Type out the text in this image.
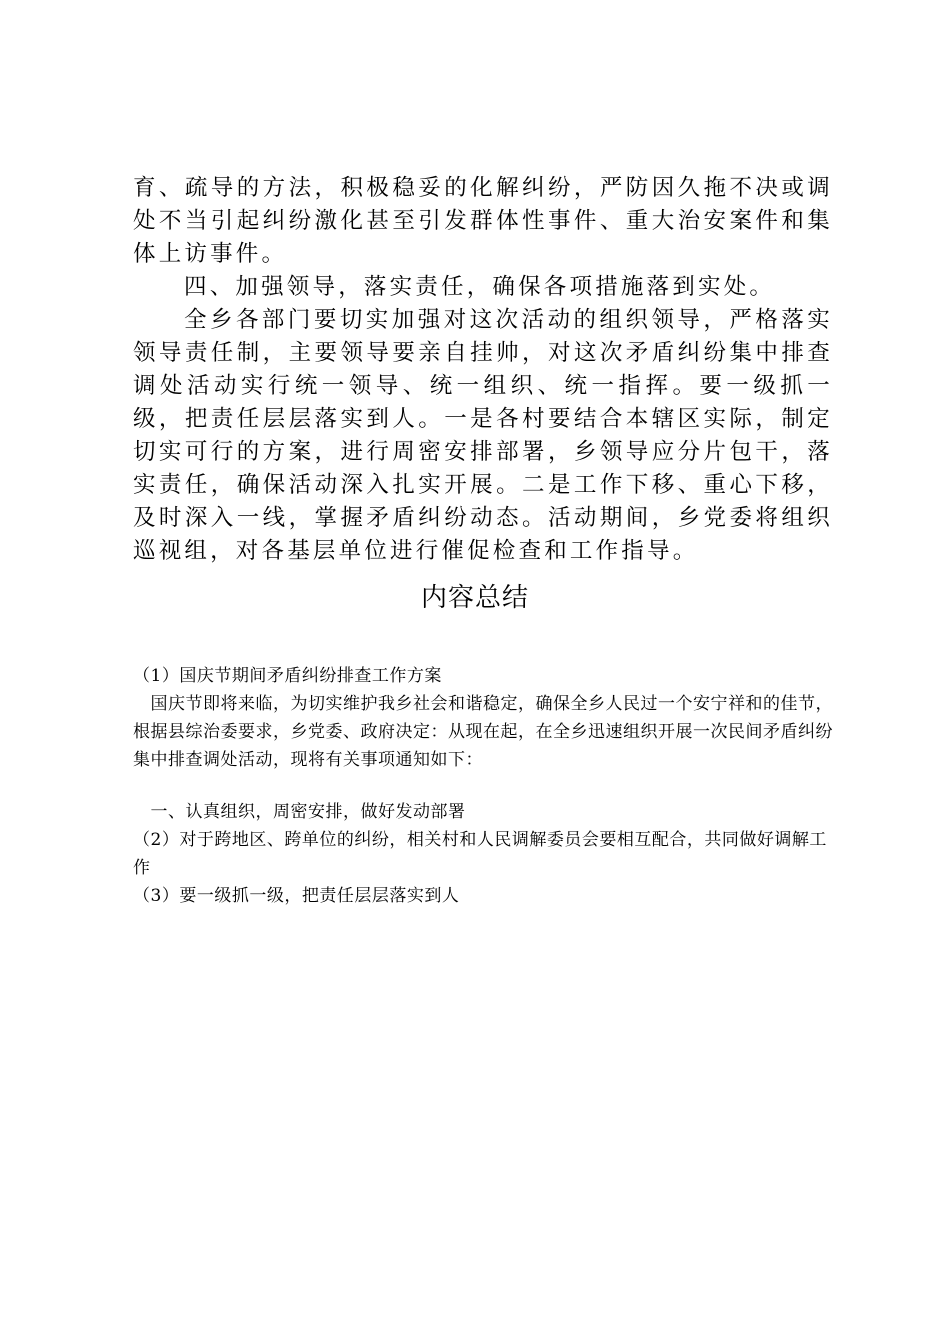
育、疏导的方法，积极稳妥的化解纠纷，严防因久拖不决或调处不当引起纠纷激化甚至引发群体性事件、重大治安案件和集体上访事件。

四、加强领导，落实责任，确保各项措施落到实处。

全乡各部门要切实加强对这次活动的组织领导，严格落实领导责任制，主要领导要亲自挂帅，对这次矛盾纠纷集中排查调处活动实行统一领导、统一组织、统一指挥。要一级抓一级，把责任层层落实到人。一是各村要结合本辖区实际，制定切实可行的方案，进行周密安排部署，乡领导应分片包干，落实责任，确保活动深入扎实开展。二是工作下移、重心下移，及时深入一线，掌握矛盾纠纷动态。活动期间，乡党委将组织巡视组，对各基层单位进行催促检查和工作指导。

内容总结

（1）国庆节期间矛盾纠纷排查工作方案

　国庆节即将来临，为切实维护我乡社会和谐稳定，确保全乡人民过一个安宁祥和的佳节，根据县综治委要求，乡党委、政府决定：从现在起，在全乡迅速组织开展一次民间矛盾纠纷集中排查调处活动，现将有关事项通知如下：

　一、认真组织，周密安排，做好发动部署

（2）对于跨地区、跨单位的纠纷，相关村和人民调解委员会要相互配合，共同做好调解工作

（3）要一级抓一级，把责任层层落实到人
